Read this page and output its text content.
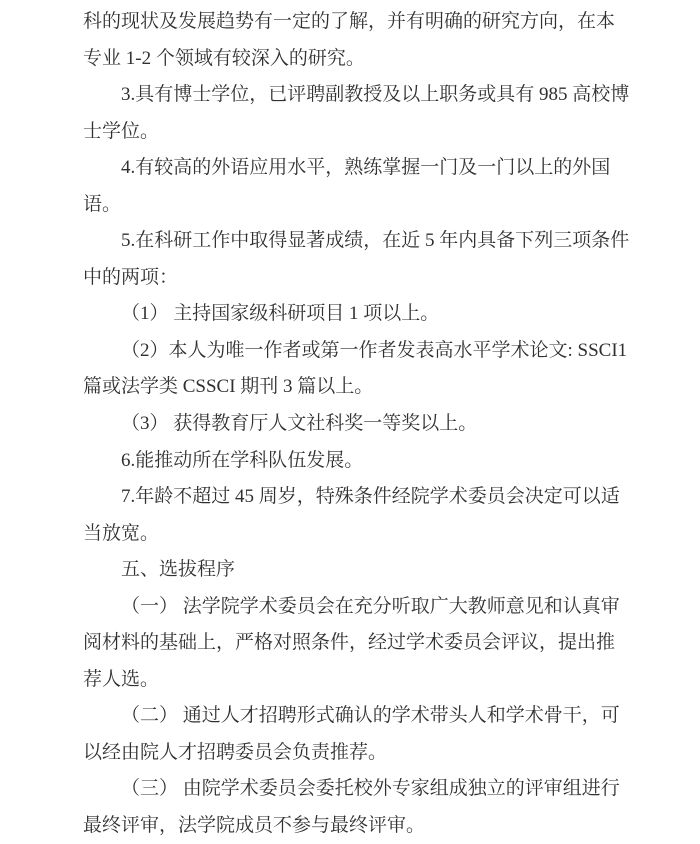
科的现状及发展趋势有一定的了解，并有明确的研究方向，在本
专业 1-2 个领域有较深入的研究。
3.具有博士学位，已评聘副教授及以上职务或具有 985 高校博
士学位。
4.有较高的外语应用水平，熟练掌握一门及一门以上的外国
语。
5.在科研工作中取得显著成绩，在近 5 年内具备下列三项条件
中的两项：
（1） 主持国家级科研项目 1 项以上。
（2）本人为唯一作者或第一作者发表高水平学术论文: SSCI1
篇或法学类 CSSCI 期刊 3 篇以上。
（3） 获得教育厅人文社科奖一等奖以上。
6.能推动所在学科队伍发展。
7.年龄不超过 45 周岁，特殊条件经院学术委员会决定可以适
当放宽。
五、选拔程序
（一） 法学院学术委员会在充分听取广大教师意见和认真审
阅材料的基础上，严格对照条件，经过学术委员会评议，提出推
荐人选。
（二） 通过人才招聘形式确认的学术带头人和学术骨干，可
以经由院人才招聘委员会负责推荐。
（三） 由院学术委员会委托校外专家组成独立的评审组进行
最终评审，法学院成员不参与最终评审。
